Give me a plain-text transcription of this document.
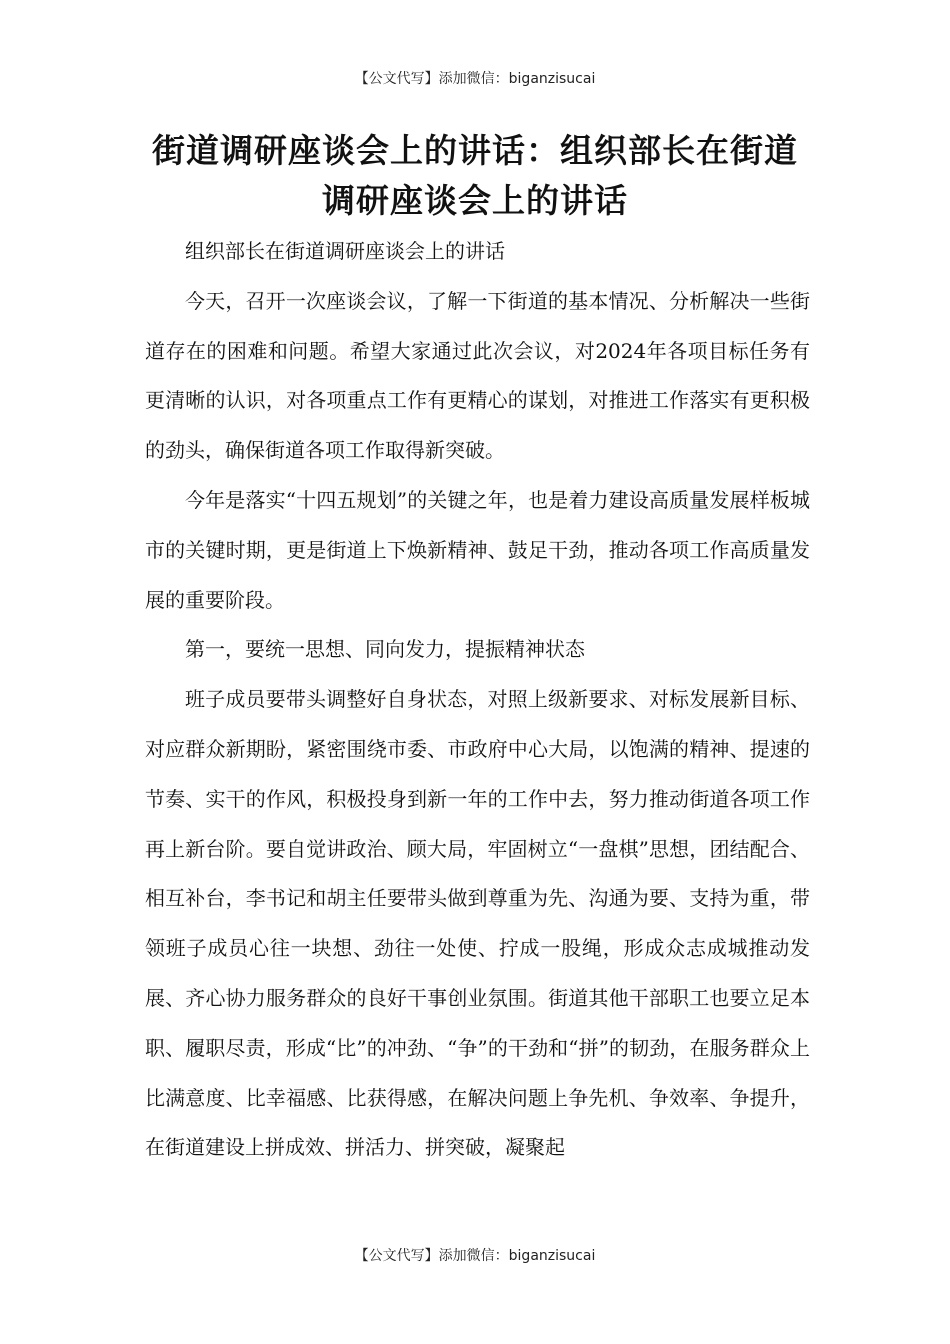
【公文代写】添加微信：biganzisucai
街道调研座谈会上的讲话：组织部长在街道调研座谈会上的讲话

组织部长在街道调研座谈会上的讲话

今天，召开一次座谈会议，了解一下街道的基本情况、分析解决一些街道存在的困难和问题。希望大家通过此次会议，对2024年各项目标任务有更清晰的认识，对各项重点工作有更精心的谋划，对推进工作落实有更积极的劲头，确保街道各项工作取得新突破。

今年是落实“十四五规划”的关键之年，也是着力建设高质量发展样板城市的关键时期，更是街道上下焕新精神、鼓足干劲，推动各项工作高质量发展的重要阶段。

第一，要统一思想、同向发力，提振精神状态

班子成员要带头调整好自身状态，对照上级新要求、对标发展新目标、对应群众新期盼，紧密围绕市委、市政府中心大局，以饱满的精神、提速的节奏、实干的作风，积极投身到新一年的工作中去，努力推动街道各项工作再上新台阶。要自觉讲政治、顾大局，牢固树立“一盘棋”思想，团结配合、相互补台，李书记和胡主任要带头做到尊重为先、沟通为要、支持为重，带领班子成员心往一块想、劲往一处使、拧成一股绳，形成众志成城推动发展、齐心协力服务群众的良好干事创业氛围。街道其他干部职工也要立足本职、履职尽责，形成“比”的冲劲、“争”的干劲和“拼”的韧劲，在服务群众上比满意度、比幸福感、比获得感，在解决问题上争先机、争效率、争提升，在街道建设上拼成效、拼活力、拼突破，凝聚起

【公文代写】添加微信：biganzisucai
